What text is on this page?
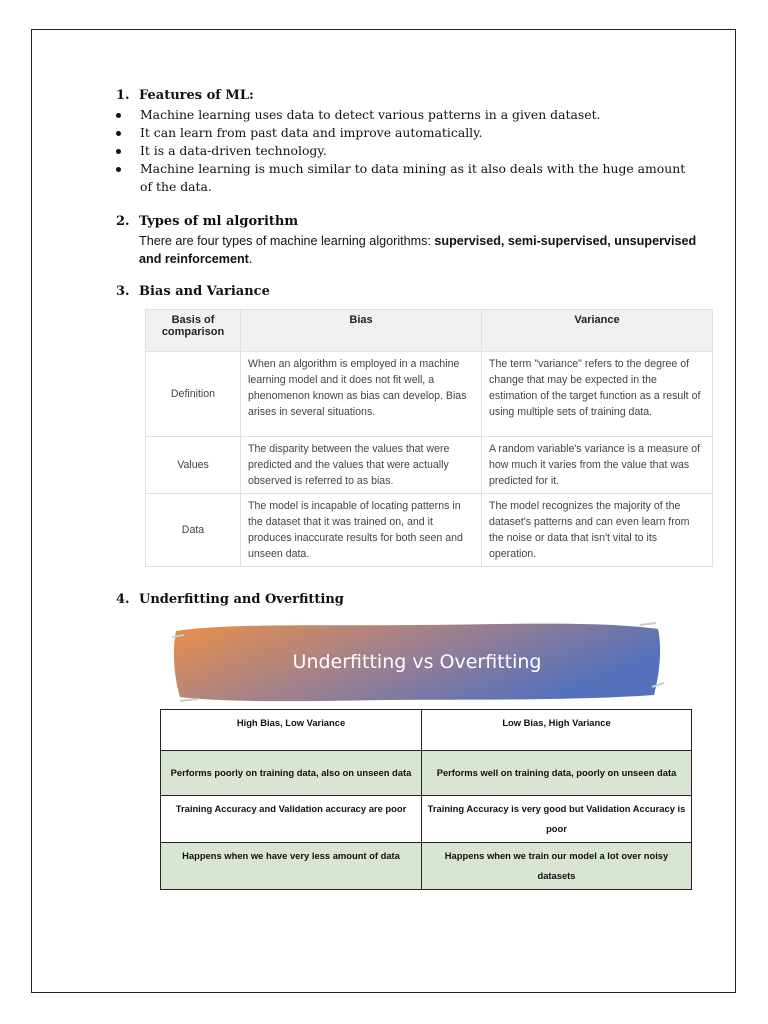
1. Features of ML:
Machine learning uses data to detect various patterns in a given dataset.
It can learn from past data and improve automatically.
It is a data-driven technology.
Machine learning is much similar to data mining as it also deals with the huge amount of the data.
2. Types of ml algorithm
There are four types of machine learning algorithms: supervised, semi-supervised, unsupervised and reinforcement.
3. Bias and Variance
Basis of comparison	Bias	Variance
Definition	When an algorithm is employed in a machine learning model and it does not fit well, a phenomenon known as bias can develop. Bias arises in several situations.	The term "variance" refers to the degree of change that may be expected in the estimation of the target function as a result of using multiple sets of training data.
Values	The disparity between the values that were predicted and the values that were actually observed is referred to as bias.	A random variable's variance is a measure of how much it varies from the value that was predicted for it.
Data	The model is incapable of locating patterns in the dataset that it was trained on, and it produces inaccurate results for both seen and unseen data.	The model recognizes the majority of the dataset's patterns and can even learn from the noise or data that isn't vital to its operation.
4. Underfitting and Overfitting
Underfitting vs Overfitting
High Bias, Low Variance	Low Bias, High Variance
Performs poorly on training data, also on unseen data	Performs well on training data, poorly on unseen data
Training Accuracy and Validation accuracy are poor	Training Accuracy is very good but Validation Accuracy is poor
Happens when we have very less amount of data	Happens when we train our model a lot over noisy datasets
